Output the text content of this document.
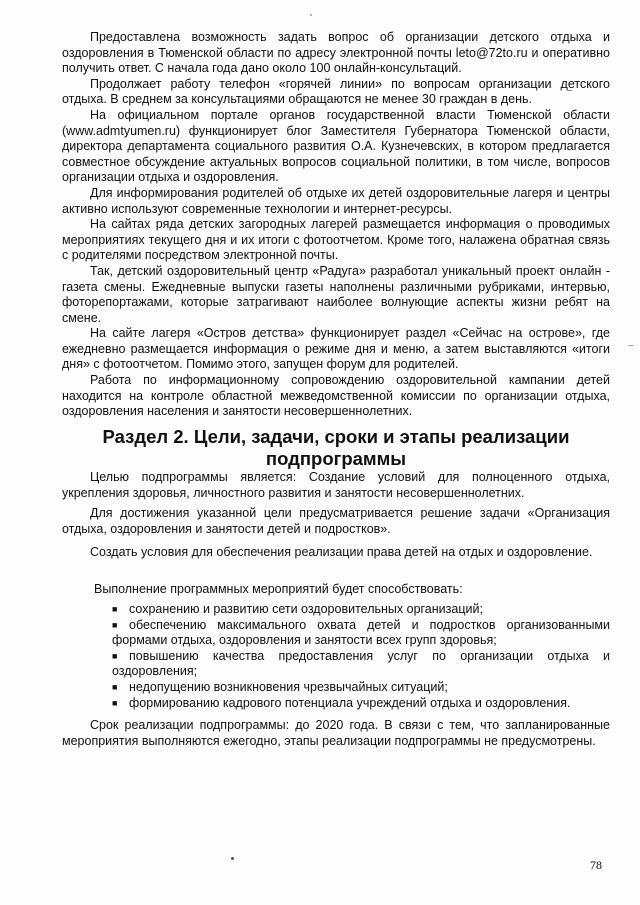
Предоставлена возможность задать вопрос об организации детского отдыха и оздоровления в Тюменской области по адресу электронной почты leto@72to.ru и оперативно получить ответ. С начала года дано около 100 онлайн-консультаций.

Продолжает работу телефон «горячей линии» по вопросам организации детского отдыха. В среднем за консультациями обращаются не менее 30 граждан в день.

На официальном портале органов государственной власти Тюменской области (www.admtyumen.ru) функционирует блог Заместителя Губернатора Тюменской области, директора департамента социального развития О.А. Кузнечевских, в котором предлагается совместное обсуждение актуальных вопросов социальной политики, в том числе, вопросов организации отдыха и оздоровления.

Для информирования родителей об отдыхе их детей оздоровительные лагеря и центры активно используют современные технологии и интернет-ресурсы.

На сайтах ряда детских загородных лагерей размещается информация о проводимых мероприятиях текущего дня и их итоги с фотоотчетом. Кроме того, налажена обратная связь с родителями посредством электронной почты.

Так, детский оздоровительный центр «Радуга» разработал уникальный проект онлайн - газета смены. Ежедневные выпуски газеты наполнены различными рубриками, интервью, фоторепортажами, которые затрагивают наиболее волнующие аспекты жизни ребят на смене.

На сайте лагеря «Остров детства» функционирует раздел «Сейчас на острове», где ежедневно размещается информация о режиме дня и меню, а затем выставляются «итоги дня» с фотоотчетом. Помимо этого, запущен форум для родителей.

Работа по информационному сопровождению оздоровительной кампании детей находится на контроле областной межведомственной комиссии по организации отдыха, оздоровления населения и занятости несовершеннолетних.

Раздел 2. Цели, задачи, сроки и этапы реализации
подпрограммы

Целью подпрограммы является: Создание условий для полноценного отдыха, укрепления здоровья, личностного развития и занятости несовершеннолетних.

Для достижения указанной цели предусматривается решение задачи «Организация отдыха, оздоровления и занятости детей и подростков».

Создать условия для обеспечения реализации права детей на отдых и оздоровление.

Выполнение программных мероприятий будет способствовать:

■ сохранению и развитию сети оздоровительных организаций;
■ обеспечению максимального охвата детей и подростков организованными формами отдыха, оздоровления и занятости всех групп здоровья;
■ повышению качества предоставления услуг по организации отдыха и оздоровления;
■ недопущению возникновения чрезвычайных ситуаций;
■ формированию кадрового потенциала учреждений отдыха и оздоровления.

Срок реализации подпрограммы: до 2020 года. В связи с тем, что запланированные мероприятия выполняются ежегодно, этапы реализации подпрограммы не предусмотрены.

78
